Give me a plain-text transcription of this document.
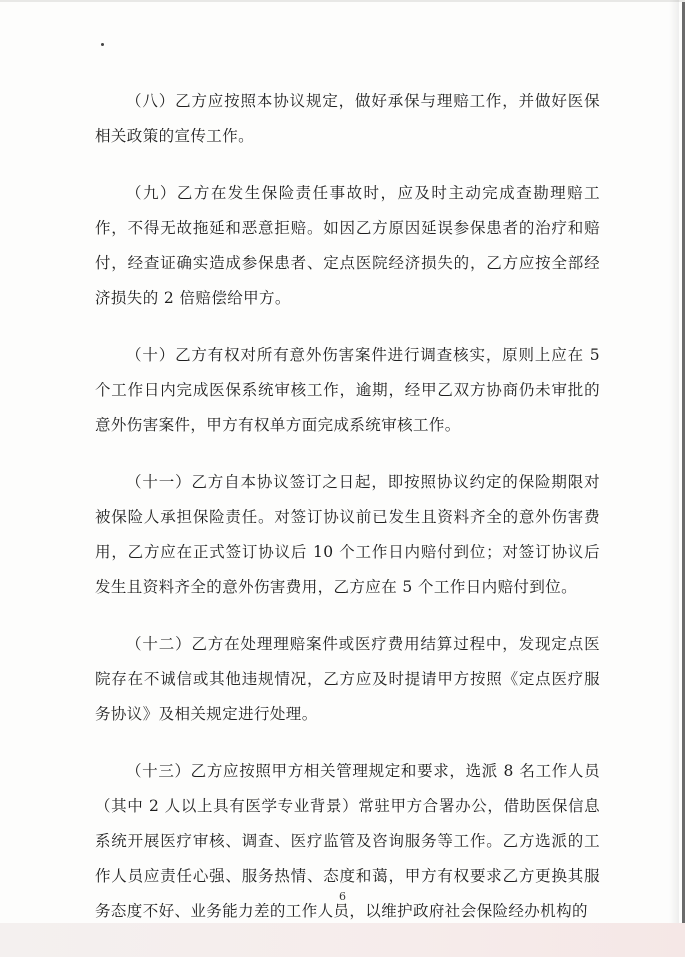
（八）乙方应按照本协议规定，做好承保与理赔工作，并做好医保相关政策的宣传工作。

（九）乙方在发生保险责任事故时，应及时主动完成查勘理赔工作，不得无故拖延和恶意拒赔。如因乙方原因延误参保患者的治疗和赔付，经查证确实造成参保患者、定点医院经济损失的，乙方应按全部经济损失的 2 倍赔偿给甲方。

（十）乙方有权对所有意外伤害案件进行调查核实，原则上应在 5 个工作日内完成医保系统审核工作，逾期，经甲乙双方协商仍未审批的意外伤害案件，甲方有权单方面完成系统审核工作。

（十一）乙方自本协议签订之日起，即按照协议约定的保险期限对被保险人承担保险责任。对签订协议前已发生且资料齐全的意外伤害费用，乙方应在正式签订协议后 10 个工作日内赔付到位；对签订协议后发生且资料齐全的意外伤害费用，乙方应在 5 个工作日内赔付到位。

（十二）乙方在处理理赔案件或医疗费用结算过程中，发现定点医院存在不诚信或其他违规情况，乙方应及时提请甲方按照《定点医疗服务协议》及相关规定进行处理。

（十三）乙方应按照甲方相关管理规定和要求，选派 8 名工作人员（其中 2 人以上具有医学专业背景）常驻甲方合署办公，借助医保信息系统开展医疗审核、调查、医疗监管及咨询服务等工作。乙方选派的工作人员应责任心强、服务热情、态度和蔼，甲方有权要求乙方更换其服务态度不好、业务能力差的工作人员，以维护政府社会保险经办机构的

6
